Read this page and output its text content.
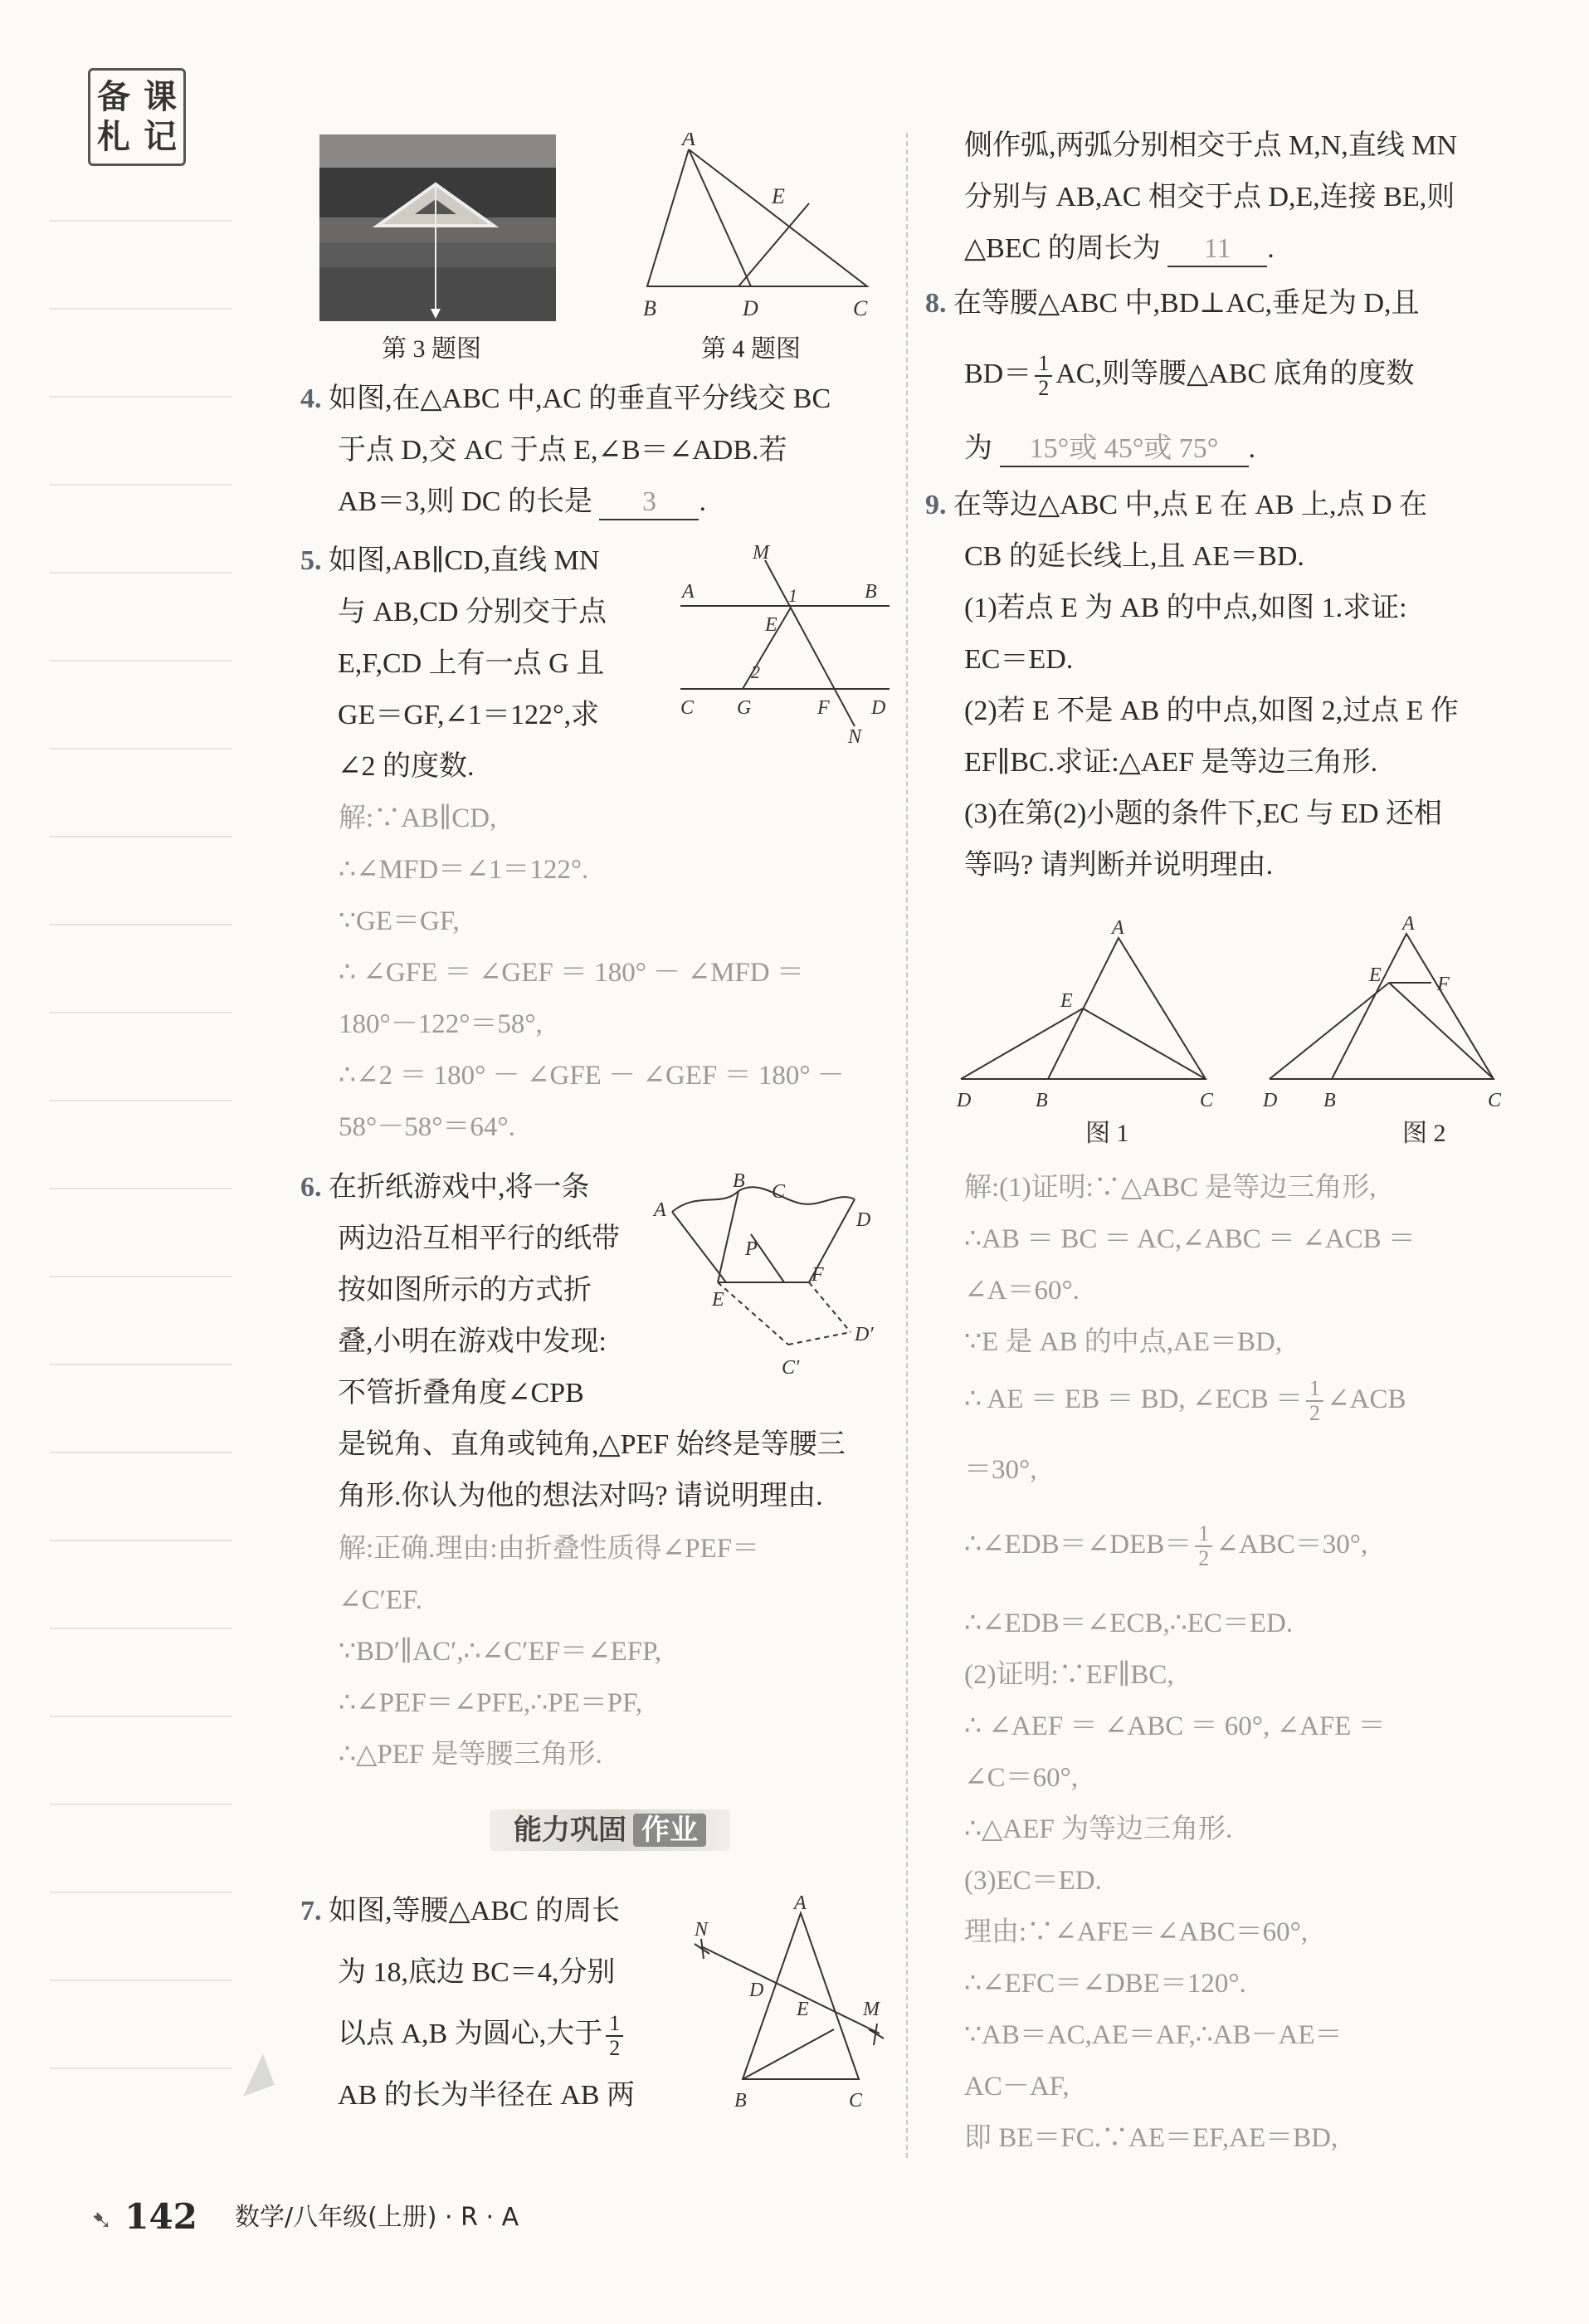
备 课
札 记
第 3 题图
A
B	D	C
E
第 4 题图
4. 如图,在△ABC 中,AC 的垂直平分线交 BC
于点 D,交 AC 于点 E,∠B＝∠ADB.若
AB＝3,则 DC 的长是 3 .
5. 如图,AB∥CD,直线 MN
与 AB,CD 分别交于点
E,F,CD 上有一点 G 且
GE＝GF,∠1＝122°,求
∠2 的度数.
M
A	B
1
E
2
C G	F D
N
解:∵AB∥CD,
∴∠MFD＝∠1＝122°.
∵GE＝GF,
∴ ∠GFE ＝ ∠GEF ＝ 180° － ∠MFD ＝
180°－122°＝58°,
∴∠2 ＝ 180° － ∠GFE － ∠GEF ＝ 180° －
58°－58°＝64°.
6. 在折纸游戏中,将一条
两边沿互相平行的纸带
按如图所示的方式折
叠,小明在游戏中发现:
不管折叠角度∠CPB
是锐角、直角或钝角,△PEF 始终是等腰三
角形.你认为他的想法对吗? 请说明理由.
A
B C
D
P
F
E
D′
C′
解:正确.理由:由折叠性质得∠PEF＝
∠C′EF.
∵BD′∥AC′,∴∠C′EF＝∠EFP,
∴∠PEF＝∠PFE,∴PE＝PF,
∴△PEF 是等腰三角形.
能力巩固 作业
7. 如图,等腰△ABC 的周长
为 18,底边 BC＝4,分别
以点 A,B 为圆心,大于 $\frac{1}{2}$

AB 的长为半径在 AB 两
A
N
D
E	M
B	C
侧作弧,两弧分别相交于点 M,N,直线 MN
分别与 AB,AC 相交于点 D,E,连接 BE,则
△BEC 的周长为 11 .
8. 在等腰△ABC 中,BD⊥AC,垂足为 D,且
$BD= \frac{1}{2}$ AC,则等腰△ABC 底角的度数
为 15°或 45°或 75° .
9. 在等边△ABC 中,点 E 在 AB 上,点 D 在
CB 的延长线上,且 AE＝BD.
(1)若点 E 为 AB 的中点,如图 1.求证:
EC＝ED.
(2)若 E 不是 AB 的中点,如图 2,过点 E 作
EF∥BC.求证:△AEF 是等边三角形.
(3)在第(2)小题的条件下,EC 与 ED 还相
等吗? 请判断并说明理由.
A
E
D	B	C
A
E	F
D B	C
图 1	图 2
解:(1)证明:∵△ABC 是等边三角形,
∴AB ＝ BC ＝ AC,∠ABC ＝ ∠ACB ＝
∠A＝60°.
∵E 是 AB 的中点,AE＝BD,
∴ AE ＝ EB ＝ BD, ∠ECB ＝ $\frac{1}{2}$ ∠ACB
＝30°,
∴∠EDB＝∠DEB＝ $\frac{1}{2}$ ∠ABC＝30°,
∴∠EDB＝∠ECB,∴EC＝ED.
(2)证明:∵EF∥BC,
∴ ∠AEF ＝ ∠ABC ＝ 60°, ∠AFE ＝
∠C＝60°,
∴△AEF 为等边三角形.
(3)EC＝ED.
理由:∵∠AFE＝∠ABC＝60°,
∴∠EFC＝∠DBE＝120°.
∵AB＝AC,AE＝AF,∴AB－AE＝
AC－AF,
即 BE＝FC.∵AE＝EF,AE＝BD,
➷ 142 数学/八年级(上册) · R · A
